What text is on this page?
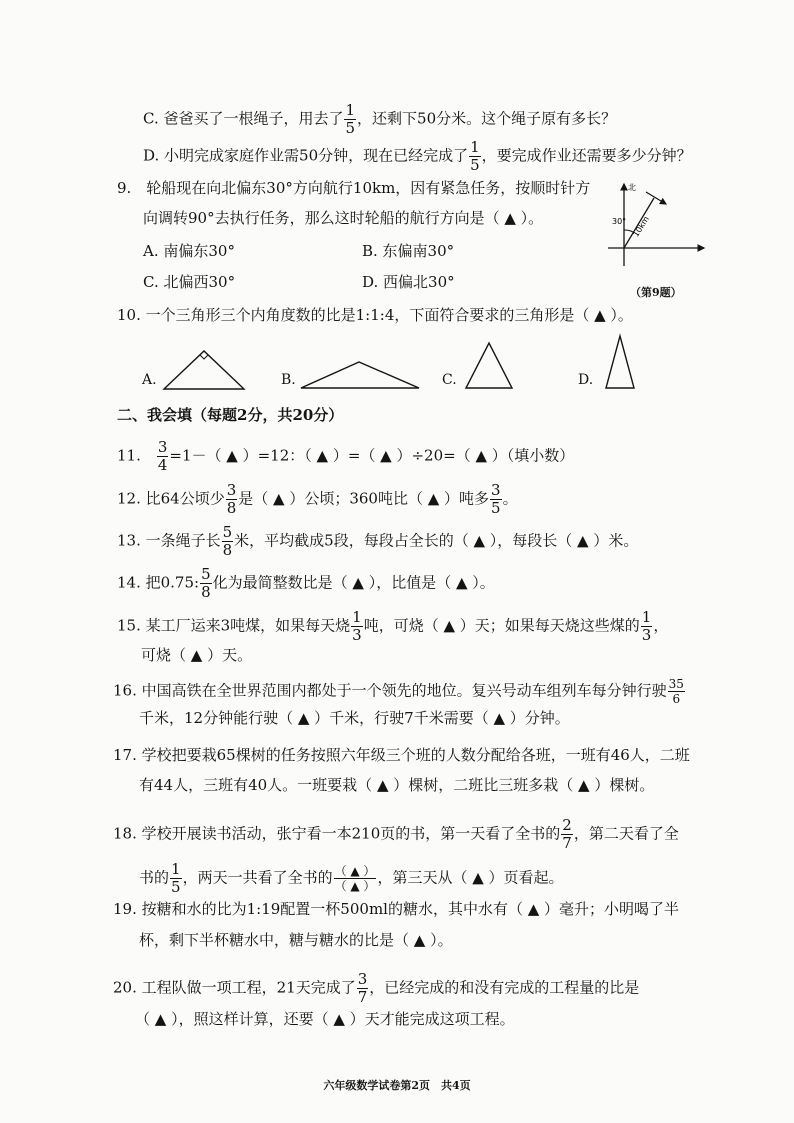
C. 爸爸买了一根绳子，用去了 $\frac{1}{5}$ ，还剩下50分米。这个绳子原有多长？
D. 小明完成家庭作业需50分钟，现在已经完成了 $\frac{1}{5}$ ，要完成作业还需要多少分钟？
9.　轮船现在向北偏东30°方向航行10km，因有紧急任务，按顺时针方
向调转90°去执行任务，那么这时轮船的航行方向是（ ▲ ）。
A. 南偏东30°	B. 东偏南30°
C. 北偏西30°	D. 西偏北30°
北
30° 10km
（第9题）
10. 一个三角形三个内角度数的比是1:1:4，下面符合要求的三角形是（ ▲ ）。
A.	B.	C.	D.
二、我会填（每题2分，共20分）
11.  $\frac{3}{4} =1-$（ ▲ ）=12：（ ▲ ）=（ ▲ ）÷20=（ ▲ ）（填小数）
12. 比64公顷少 $\frac{3}{8}$ 是（ ▲ ）公顷；360吨比（ ▲ ）吨多 $\frac{3}{5}$ 。
13. 一条绳子长 $\frac{5}{8}$ 米，平均截成5段，每段占全长的（ ▲ ），每段长（ ▲ ）米。
14. 把0.75: $\frac{5}{8}$ 化为最简整数比是（ ▲ ），比值是（ ▲ ）。
15. 某工厂运来3吨煤，如果每天烧 $\frac{1}{3}$ 吨，可烧（ ▲ ）天；如果每天烧这些煤的 $\frac{1}{3}$ ，
可烧（ ▲ ）天。
16. 中国高铁在全世界范围内都处于一个领先的地位。复兴号动车组列车每分钟行驶 $\frac{35}{6}$
千米，12分钟能行驶（ ▲ ）千米，行驶7千米需要（ ▲ ）分钟。
17. 学校把要栽65棵树的任务按照六年级三个班的人数分配给各班，一班有46人，二班
有44人，三班有40人。一班要栽（ ▲ ）棵树，二班比三班多栽（ ▲ ）棵树。
18. 学校开展读书活动，张宁看一本210页的书，第一天看了全书的 $\frac{2}{7}$ ，第二天看了全
书的 $\frac{1}{5}$ ，两天一共看了全书的 $\frac{( ▲ )}{( ▲ )}$ ，第三天从（ ▲ ）页看起。
19. 按糖和水的比为1:19配置一杯500ml的糖水，其中水有（ ▲ ）毫升；小明喝了半
杯，剩下半杯糖水中，糖与糖水的比是（ ▲ ）。
20. 工程队做一项工程，21天完成了 $\frac{3}{7}$ ，已经完成的和没有完成的工程量的比是
（ ▲ ），照这样计算，还要（ ▲ ）天才能完成这项工程。
六年级数学试卷第2页　共4页
